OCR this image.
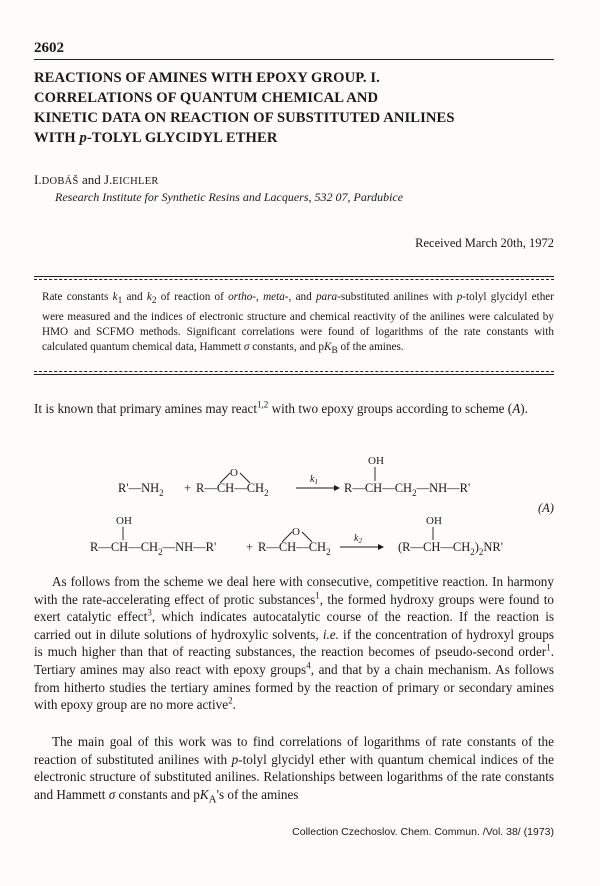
2602
REACTIONS OF AMINES WITH EPOXY GROUP. I.
CORRELATIONS OF QUANTUM CHEMICAL AND
KINETIC DATA ON REACTION OF SUBSTITUTED ANILINES
WITH p-TOLYL GLYCIDYL ETHER
I.DOBÁŠ and J.EICHLER
Research Institute for Synthetic Resins and Lacquers, 532 07, Pardubice
Received March 20th, 1972
Rate constants $k_1$ and $k_2$ of reaction of ortho-, meta-, and para-substituted anilines with p-tolyl glycidyl ether were measured and the indices of electronic structure and chemical reactivity of the anilines were calculated by HMO and SCFMO methods. Significant correlations were found of logarithms of the rate constants with calculated quantum chemical data, Hammett σ constants, and $pK_B$ of the amines.

It is known that primary amines may react$^{1,2}$ with two epoxy groups according to scheme (A).

$R'—NH_2$ + $R—CH—CH_2$
O
$k_1$
OH
$R—CH—CH_2—NH—R'$
(A)
OH
$R—CH—CH_2—NH—R'$ + $R—CH—CH_2$
O
$k_2$
OH
$(R—CH—CH_2)_2NR'$

As follows from the scheme we deal here with consecutive, competitive reaction. In harmony with the rate-accelerating effect of protic substances$^1$, the formed hydroxy groups were found to exert catalytic effect$^3$, which indicates autocatalytic course of the reaction. If the reaction is carried out in dilute solutions of hydroxylic solvents, i.e. if the concentration of hydroxyl groups is much higher than that of reacting substances, the reaction becomes of pseudo-second order$^1$. Tertiary amines may also react with epoxy groups$^4$, and that by a chain mechanism. As follows from hitherto studies the tertiary amines formed by the reaction of primary or secondary amines with epoxy group are no more active$^2$.

The main goal of this work was to find correlations of logarithms of rate constants of the reaction of substituted anilines with p-tolyl glycidyl ether with quantum chemical indices of the electronic structure of substituted anilines. Relationships between logarithms of the rate constants and Hammett σ constants and $pK_A's$ of the amines

Collection Czechoslov. Chem. Commun. /Vol. 38/ (1973)
